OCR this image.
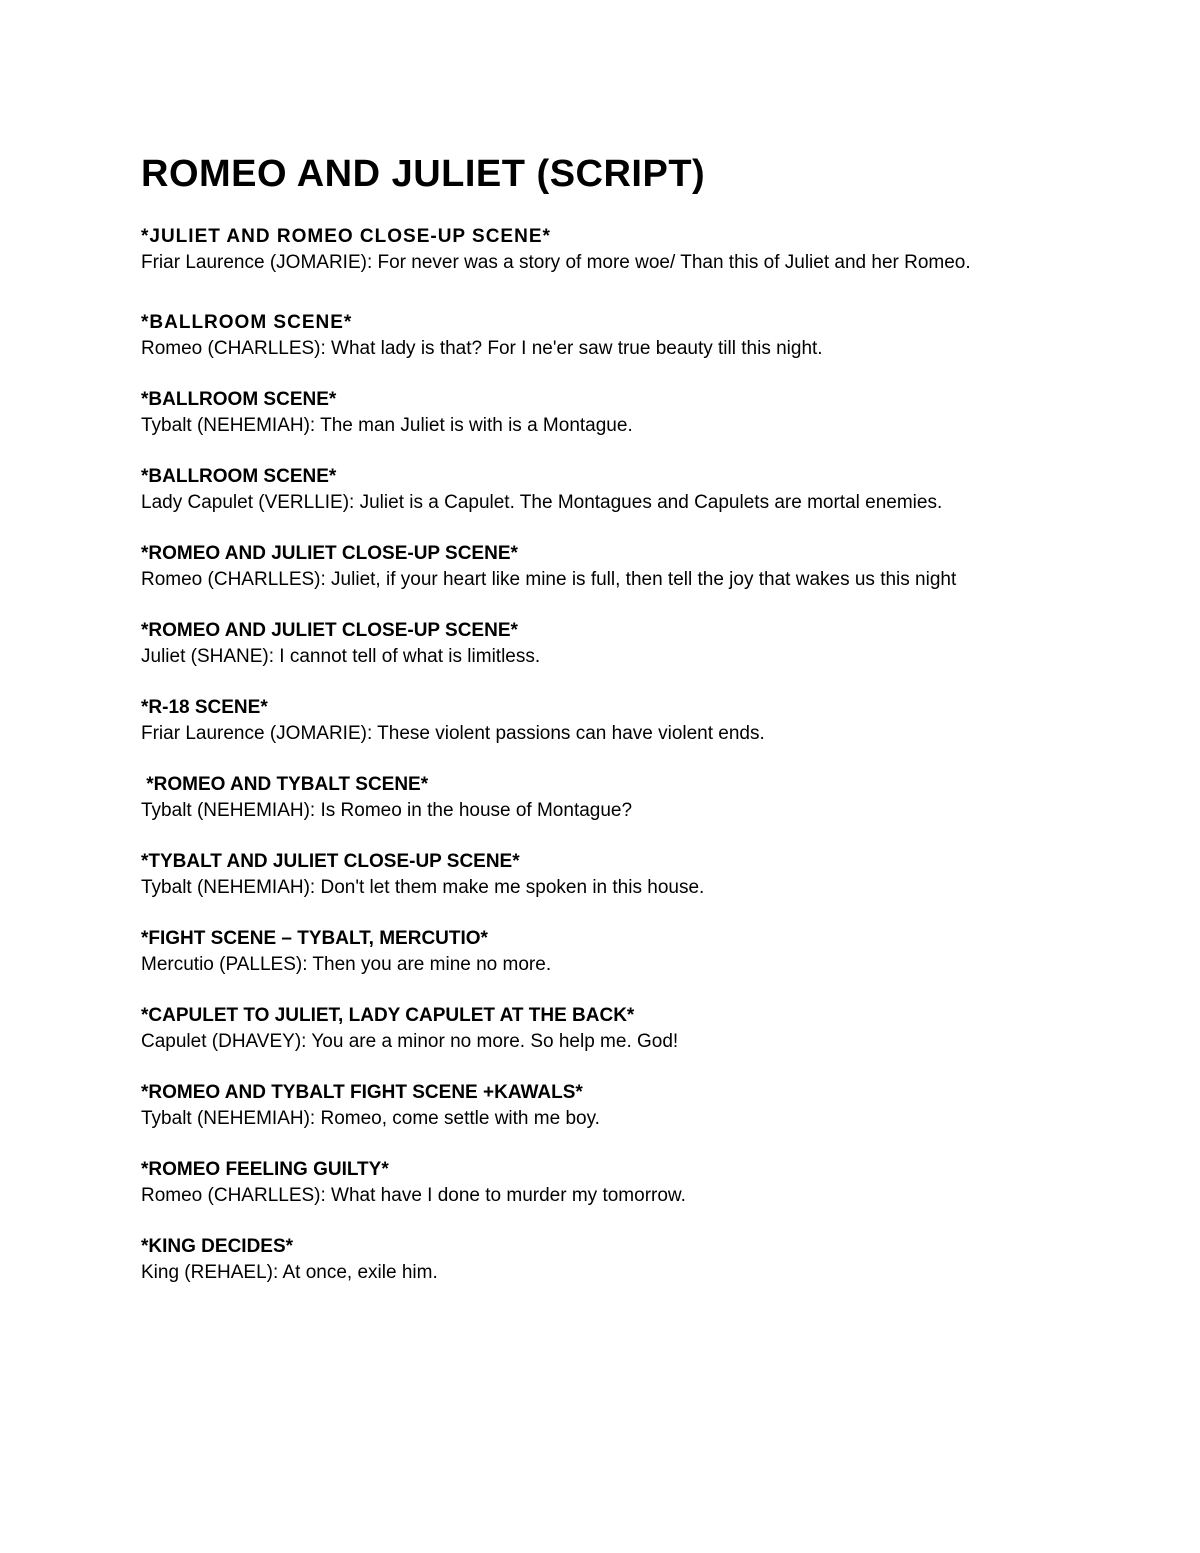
ROMEO AND JULIET (SCRIPT)
*JULIET AND ROMEO CLOSE-UP SCENE*
Friar Laurence (JOMARIE): For never was a story of more woe/ Than this of Juliet and her Romeo.
*BALLROOM SCENE*
Romeo (CHARLLES): What lady is that? For I ne'er saw true beauty till this night.
*BALLROOM SCENE*
Tybalt (NEHEMIAH): The man Juliet is with is a Montague.
*BALLROOM SCENE*
Lady Capulet (VERLLIE): Juliet is a Capulet. The Montagues and Capulets are mortal enemies.
*ROMEO AND JULIET CLOSE-UP SCENE*
Romeo (CHARLLES): Juliet, if your heart like mine is full, then tell the joy that wakes us this night
*ROMEO AND JULIET CLOSE-UP SCENE*
Juliet (SHANE): I cannot tell of what is limitless.
*R-18 SCENE*
Friar Laurence (JOMARIE): These violent passions can have violent ends.
*ROMEO AND TYBALT SCENE*
Tybalt (NEHEMIAH): Is Romeo in the house of Montague?
*TYBALT AND JULIET CLOSE-UP SCENE*
Tybalt (NEHEMIAH): Don't let them make me spoken in this house.
*FIGHT SCENE – TYBALT, MERCUTIO*
Mercutio (PALLES): Then you are mine no more.
*CAPULET TO JULIET, LADY CAPULET AT THE BACK*
Capulet (DHAVEY): You are a minor no more. So help me. God!
*ROMEO AND TYBALT FIGHT SCENE +KAWALS*
Tybalt (NEHEMIAH): Romeo, come settle with me boy.
*ROMEO FEELING GUILTY*
Romeo (CHARLLES): What have I done to murder my tomorrow.
*KING DECIDES*
King (REHAEL): At once, exile him.
